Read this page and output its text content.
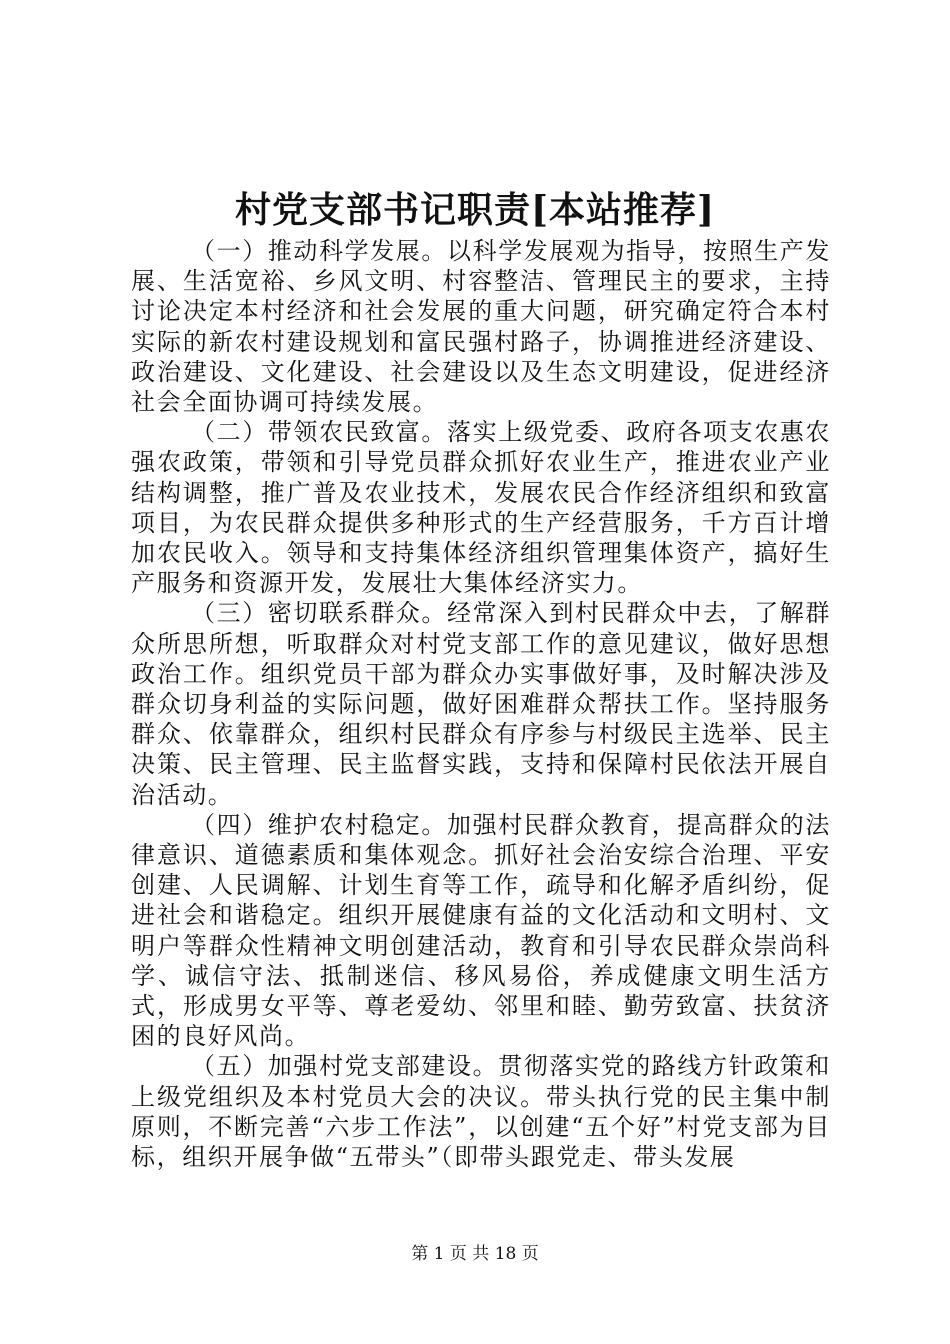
村党支部书记职责[本站推荐]

（一）推动科学发展。以科学发展观为指导，按照生产发展、生活宽裕、乡风文明、村容整洁、管理民主的要求，主持讨论决定本村经济和社会发展的重大问题，研究确定符合本村实际的新农村建设规划和富民强村路子，协调推进经济建设、政治建设、文化建设、社会建设以及生态文明建设，促进经济社会全面协调可持续发展。

（二）带领农民致富。落实上级党委、政府各项支农惠农强农政策，带领和引导党员群众抓好农业生产，推进农业产业结构调整，推广普及农业技术，发展农民合作经济组织和致富项目，为农民群众提供多种形式的生产经营服务，千方百计增加农民收入。领导和支持集体经济组织管理集体资产，搞好生产服务和资源开发，发展壮大集体经济实力。

（三）密切联系群众。经常深入到村民群众中去，了解群众所思所想，听取群众对村党支部工作的意见建议，做好思想政治工作。组织党员干部为群众办实事做好事，及时解决涉及群众切身利益的实际问题，做好困难群众帮扶工作。坚持服务群众、依靠群众，组织村民群众有序参与村级民主选举、民主决策、民主管理、民主监督实践，支持和保障村民依法开展自治活动。

（四）维护农村稳定。加强村民群众教育，提高群众的法律意识、道德素质和集体观念。抓好社会治安综合治理、平安创建、人民调解、计划生育等工作，疏导和化解矛盾纠纷，促进社会和谐稳定。组织开展健康有益的文化活动和文明村、文明户等群众性精神文明创建活动，教育和引导农民群众崇尚科学、诚信守法、抵制迷信、移风易俗，养成健康文明生活方式，形成男女平等、尊老爱幼、邻里和睦、勤劳致富、扶贫济困的良好风尚。

（五）加强村党支部建设。贯彻落实党的路线方针政策和上级党组织及本村党员大会的决议。带头执行党的民主集中制原则，不断完善“六步工作法”，以创建“五个好”村党支部为目标，组织开展争做“五带头”（即带头跟党走、带头发展

第 1 页 共 18 页
